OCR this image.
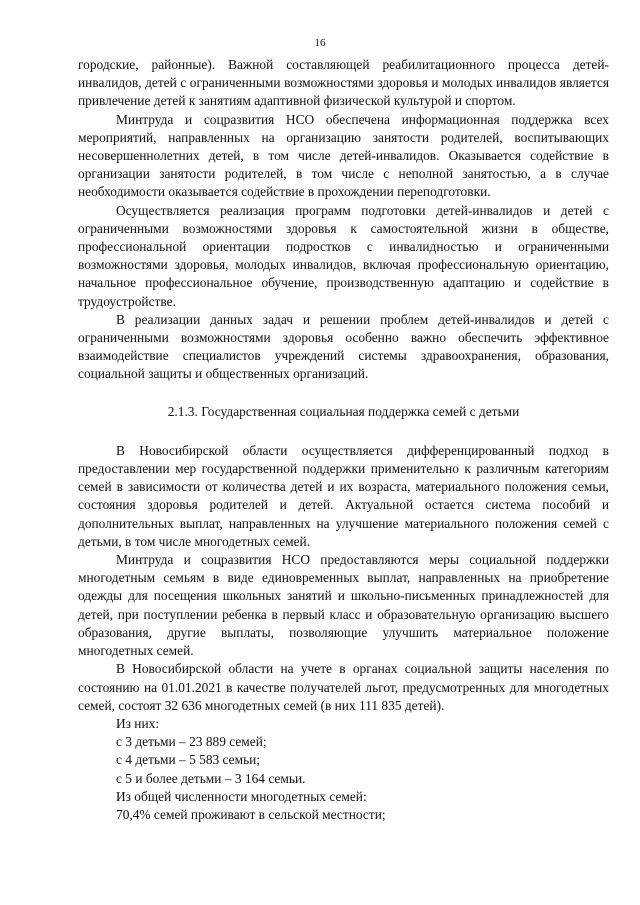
16

городские, районные). Важной составляющей реабилитационного процесса детей-инвалидов, детей с ограниченными возможностями здоровья и молодых инвалидов является привлечение детей к занятиям адаптивной физической культурой и спортом.

Минтруда и соцразвития НСО обеспечена информационная поддержка всех мероприятий, направленных на организацию занятости родителей, воспитывающих несовершеннолетних детей, в том числе детей-инвалидов. Оказывается содействие в организации занятости родителей, в том числе с неполной занятостью, а в случае необходимости оказывается содействие в прохождении переподготовки.

Осуществляется реализация программ подготовки детей-инвалидов и детей с ограниченными возможностями здоровья к самостоятельной жизни в обществе, профессиональной ориентации подростков с инвалидностью и ограниченными возможностями здоровья, молодых инвалидов, включая профессиональную ориентацию, начальное профессиональное обучение, производственную адаптацию и содействие в трудоустройстве.

В реализации данных задач и решении проблем детей-инвалидов и детей с ограниченными возможностями здоровья особенно важно обеспечить эффективное взаимодействие специалистов учреждений системы здравоохранения, образования, социальной защиты и общественных организаций.

2.1.3. Государственная социальная поддержка семей с детьми

В Новосибирской области осуществляется дифференцированный подход в предоставлении мер государственной поддержки применительно к различным категориям семей в зависимости от количества детей и их возраста, материального положения семьи, состояния здоровья родителей и детей. Актуальной остается система пособий и дополнительных выплат, направленных на улучшение материального положения семей с детьми, в том числе многодетных семей.

Минтруда и соцразвития НСО предоставляются меры социальной поддержки многодетным семьям в виде единовременных выплат, направленных на приобретение одежды для посещения школьных занятий и школьно-письменных принадлежностей для детей, при поступлении ребенка в первый класс и образовательную организацию высшего образования, другие выплаты, позволяющие улучшить материальное положение многодетных семей.

В Новосибирской области на учете в органах социальной защиты населения по состоянию на 01.01.2021 в качестве получателей льгот, предусмотренных для многодетных семей, состоят 32 636 многодетных семей (в них 111 835 детей).

Из них:

с 3 детьми – 23 889 семей;

с 4 детьми – 5 583 семьи;

с 5 и более детьми – 3 164 семьи.

Из общей численности многодетных семей:

70,4% семей проживают в сельской местности;
